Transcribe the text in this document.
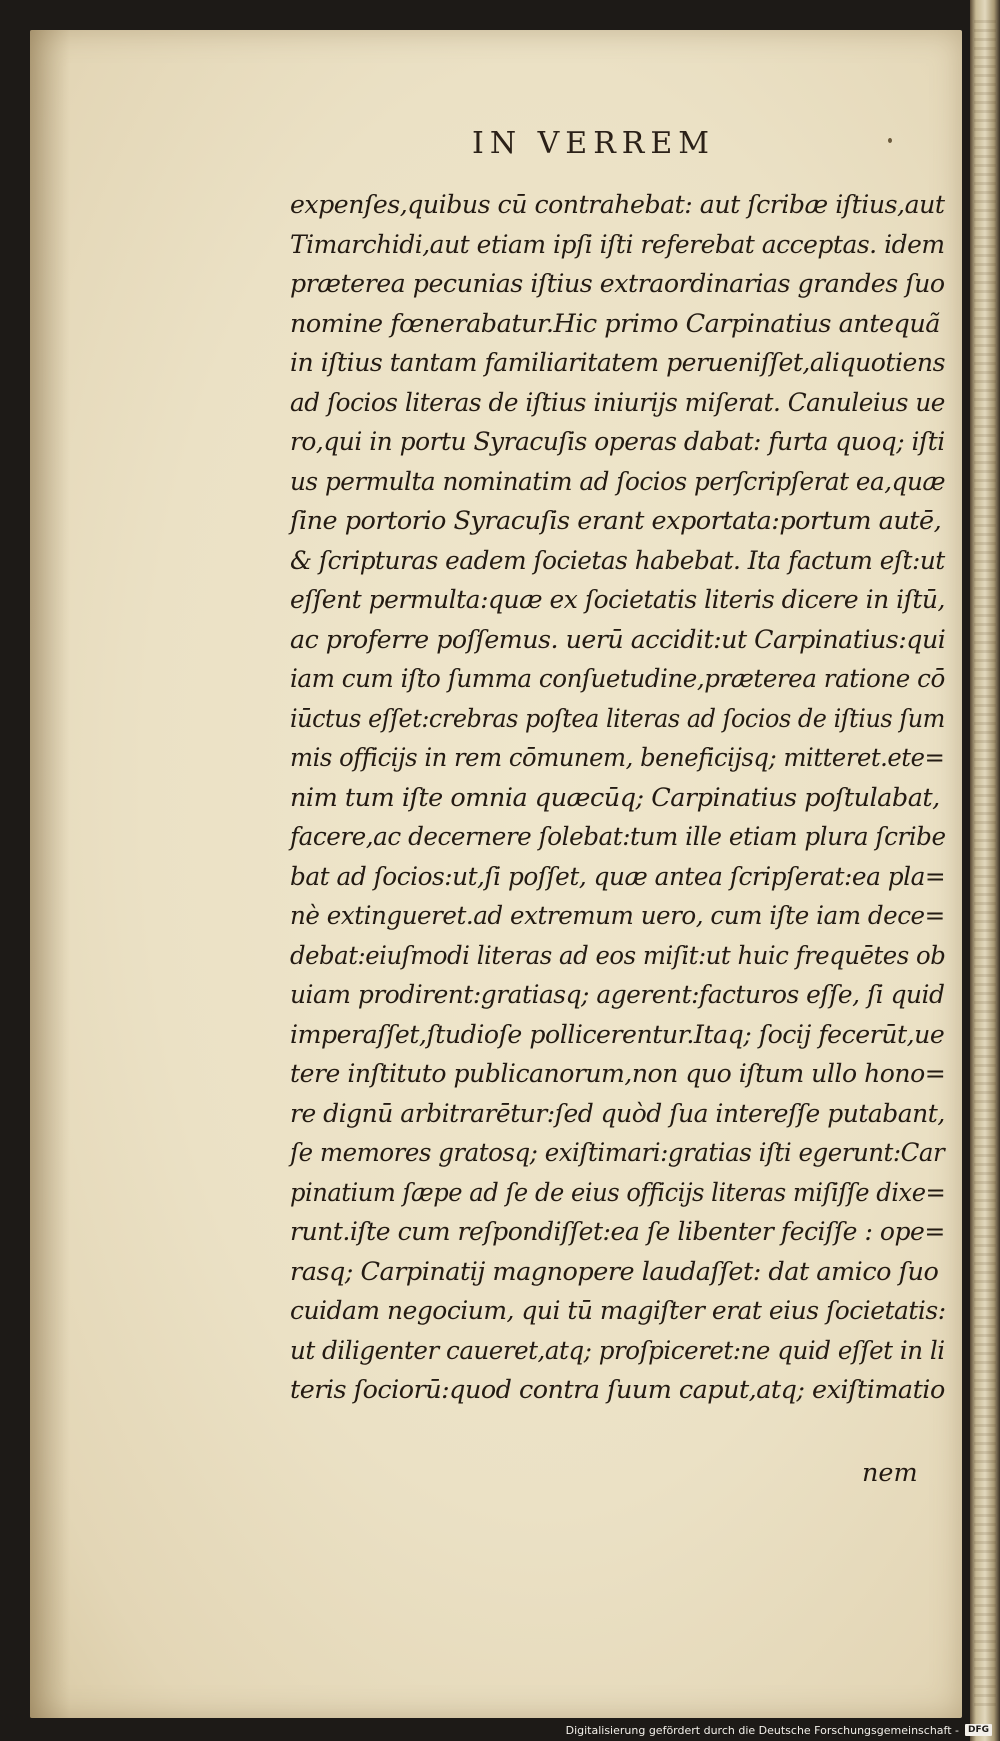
IN VERREM
expenſes,quibus cū contrahebat: aut ſcribæ iſtius,aut
Timarchidi,aut etiam ipſi iſti referebat acceptas. idem
præterea pecunias iſtius extraordinarias grandes ſuo
nomine fœnerabatur.Hic primo Carpinatius antequã
in iſtius tantam familiaritatem perueniſſet,aliquotiens
ad ſocios literas de iſtius iniurijs miſerat. Canuleius ue
ro,qui in portu Syracuſis operas dabat: furta quoq; iſti
us permulta nominatim ad ſocios perſcripſerat ea,quæ
ſine portorio Syracuſis erant exportata:portum autē,
& ſcripturas eadem ſocietas habebat. Ita factum eſt:ut
eſſent permulta:quæ ex ſocietatis literis dicere in iſtū,
ac proferre poſſemus. uerū accidit:ut Carpinatius:qui
iam cum iſto ſumma conſuetudine,præterea ratione cō
iūctus eſſet:crebras poſtea literas ad ſocios de iſtius ſum
mis officijs in rem cōmunem, beneficijsq; mitteret.ete=
nim tum iſte omnia quæcūq; Carpinatius poſtulabat,
facere,ac decernere ſolebat:tum ille etiam plura ſcribe
bat ad ſocios:ut,ſi poſſet, quæ antea ſcripſerat:ea pla=
nè extingueret.ad extremum uero, cum iſte iam dece=
debat:eiuſmodi literas ad eos miſit:ut huic frequētes ob
uiam prodirent:gratiasq; agerent:facturos eſſe, ſi quid
imperaſſet,ſtudioſe pollicerentur.Itaq; ſocij fecerūt,ue
tere inſtituto publicanorum,non quo iſtum ullo hono=
re dignū arbitrarētur:ſed quòd ſua intereſſe putabant,
ſe memores gratosq; exiſtimari:gratias iſti egerunt:Car
pinatium ſæpe ad ſe de eius officijs literas miſiſſe dixe=
runt.iſte cum reſpondiſſet:ea ſe libenter feciſſe : ope=
rasq; Carpinatij magnopere laudaſſet: dat amico ſuo
cuidam negocium, qui tū magiſter erat eius ſocietatis:
ut diligenter caueret,atq; proſpiceret:ne quid eſſet in li
teris ſociorū:quod contra ſuum caput,atq; exiſtimatio
nem
Digitalisierung gefördert durch die Deutsche Forschungsgemeinschaft -	DFG
